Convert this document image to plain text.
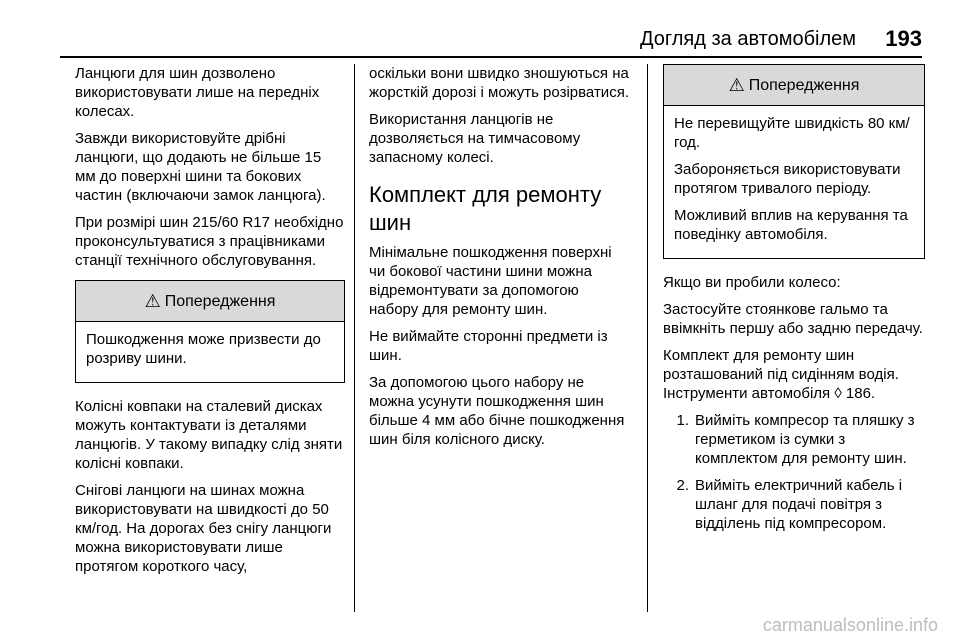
Догляд за автомобілем 193

Ланцюги для шин дозволено використовувати лише на передніх колесах.

Завжди використовуйте дрібні ланцюги, що додають не більше 15 мм до поверхні шини та бокових частин (включаючи замок ланцюга).

При розмірі шин 215/60 R17 необхідно проконсультуватися з працівниками станції технічного обслуговування.

⚠ Попередження

Пошкодження може призвести до розриву шини.

Колісні ковпаки на сталевий дисках можуть контактувати із деталями ланцюгів. У такому випадку слід зняти колісні ковпаки.

Снігові ланцюги на шинах можна використовувати на швидкості до 50 км/год. На дорогах без снігу ланцюги можна використовувати лише протягом короткого часу,

оскільки вони швидко зношуються на жорсткій дорозі і можуть розірватися.

Використання ланцюгів не дозволяється на тимчасовому запасному колесі.

Комплект для ремонту шин

Мінімальне пошкодження поверхні чи бокової частини шини можна відремонтувати за допомогою набору для ремонту шин.

Не виймайте сторонні предмети із шин.

За допомогою цього набору не можна усунути пошкодження шин більше 4 мм або бічне пошкодження шин біля колісного диску.

⚠ Попередження

Не перевищуйте швидкість 80 км/год.

Забороняється використовувати протягом тривалого періоду.

Можливий вплив на керування та поведінку автомобіля.

Якщо ви пробили колесо:

Застосуйте стоянкове гальмо та ввімкніть першу або задню передачу.

Комплект для ремонту шин розташований під сидінням водія. Інструменти автомобіля ◊ 186.

1. Вийміть компресор та пляшку з герметиком із сумки з комплектом для ремонту шин.
2. Вийміть електричний кабель і шланг для подачі повітря з відділень під компресором.
carmanualsonline.info
